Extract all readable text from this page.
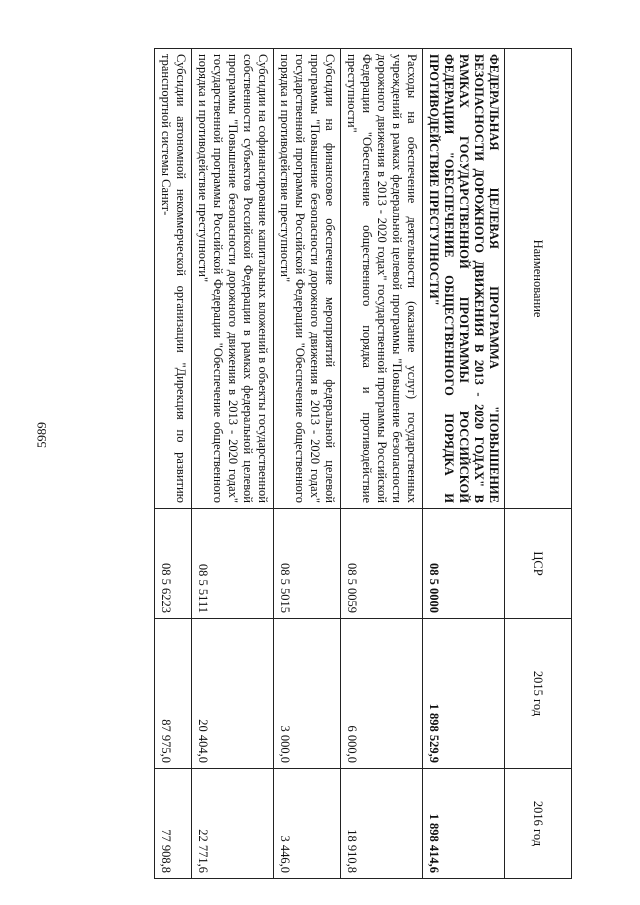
5989
Наименование	ЦСР	2015 год	2016 год
ФЕДЕРАЛЬНАЯ ЦЕЛЕВАЯ ПРОГРАММА "ПОВЫШЕНИЕ БЕЗОПАСНОСТИ ДОРОЖНОГО ДВИЖЕНИЯ В 2013 - 2020 ГОДАХ" В РАМКАХ ГОСУДАРСТВЕННОЙ ПРОГРАММЫ РОССИЙСКОЙ ФЕДЕРАЦИИ "ОБЕСПЕЧЕНИЕ ОБЩЕСТВЕННОГО ПОРЯДКА И ПРОТИВОДЕЙСТВИЕ ПРЕСТУПНОСТИ"	08 5 0000	1 898 529,9	1 898 414,6
Расходы на обеспечение деятельности (оказание услуг) государственных учреждений в рамках федеральной целевой программы "Повышение безопасности дорожного движения в 2013 - 2020 годах" государственной программы Российской Федерации "Обеспечение общественного порядка и противодействие преступности"	08 5 0059	6 000,0	18 910,8
Субсидии на финансовое обеспечение мероприятий федеральной целевой программы "Повышение безопасности дорожного движения в 2013 - 2020 годах" государственной программы Российской Федерации "Обеспечение общественного порядка и противодействие преступности"	08 5 5015	3 000,0	3 446,0
Субсидии на софинансирование капитальных вложений в объекты государственной собственности субъектов Российской Федерации в рамках федеральной целевой программы "Повышение безопасности дорожного движения в 2013 - 2020 годах" государственной программы Российской Федерации "Обеспечение общественного порядка и противодействие преступности"	08 5 5111	20 404,0	22 771,6
Субсидии автономной некоммерческой организации "Дирекция по развитию транспортной системы Санкт-	08 5 6223	87 975,0	77 908,8
